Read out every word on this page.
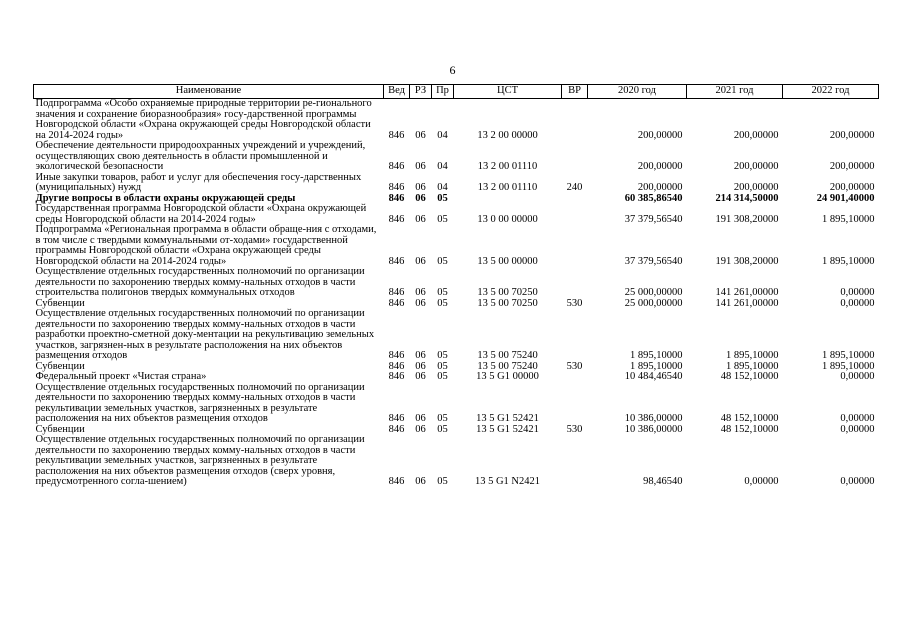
6
Наименование	Вед	РЗ	Пр	ЦСТ	ВР	2020 год	2021 год	2022 год
Подпрограмма «Особо охраняемые природные территории ре-гионального значения и сохранение биоразнообразия» госу-дарственной программы Новгородской области «Охрана окружающей среды Новгородской области на 2014-2024 годы»	846	06	04	13 2 00 00000		200,00000	200,00000	200,00000
Обеспечение деятельности природоохранных учреждений и учреждений, осуществляющих свою деятельность в области промышленной и экологической безопасности	846	06	04	13 2 00 01110		200,00000	200,00000	200,00000
Иные закупки товаров, работ и услуг для обеспечения госу-дарственных (муниципальных) нужд	846	06	04	13 2 00 01110	240	200,00000	200,00000	200,00000
Другие вопросы в области охраны окружающей среды	846	06	05			60 385,86540	214 314,50000	24 901,40000
Государственная программа Новгородской области «Охрана окружающей среды Новгородской области на 2014-2024 годы»	846	06	05	13 0 00 00000		37 379,56540	191 308,20000	1 895,10000
Подпрограмма «Региональная программа в области обраще-ния с отходами, в том числе с твердыми коммунальными от-ходами» государственной программы Новгородской области «Охрана окружающей среды Новгородской области на 2014-2024 годы»	846	06	05	13 5 00 00000		37 379,56540	191 308,20000	1 895,10000
Осуществление отдельных государственных полномочий по организации деятельности по захоронению твердых комму-нальных отходов в части строительства полигонов твердых коммунальных отходов	846	06	05	13 5 00 70250		25 000,00000	141 261,00000	0,00000
Субвенции	846	06	05	13 5 00 70250	530	25 000,00000	141 261,00000	0,00000
Осуществление отдельных государственных полномочий по организации деятельности по захоронению твердых комму-нальных отходов в части разработки проектно-сметной доку-ментации на рекультивацию земельных участков, загрязнен-ных в результате расположения на них объектов размещения отходов	846	06	05	13 5 00 75240		1 895,10000	1 895,10000	1 895,10000
Субвенции	846	06	05	13 5 00 75240	530	1 895,10000	1 895,10000	1 895,10000
Федеральный проект «Чистая страна»	846	06	05	13 5 G1 00000		10 484,46540	48 152,10000	0,00000
Осуществление отдельных государственных полномочий по организации деятельности по захоронению твердых комму-нальных отходов в части рекультивации земельных участков, загрязненных в результате расположения на них объектов размещения отходов	846	06	05	13 5 G1 52421		10 386,00000	48 152,10000	0,00000
Субвенции	846	06	05	13 5 G1 52421	530	10 386,00000	48 152,10000	0,00000
Осуществление отдельных государственных полномочий по организации деятельности по захоронению твердых комму-нальных отходов в части рекультивации земельных участков, загрязненных в результате расположения на них объектов размещения отходов (сверх уровня, предусмотренного согла-шением)	846	06	05	13 5 G1 N2421		98,46540	0,00000	0,00000
